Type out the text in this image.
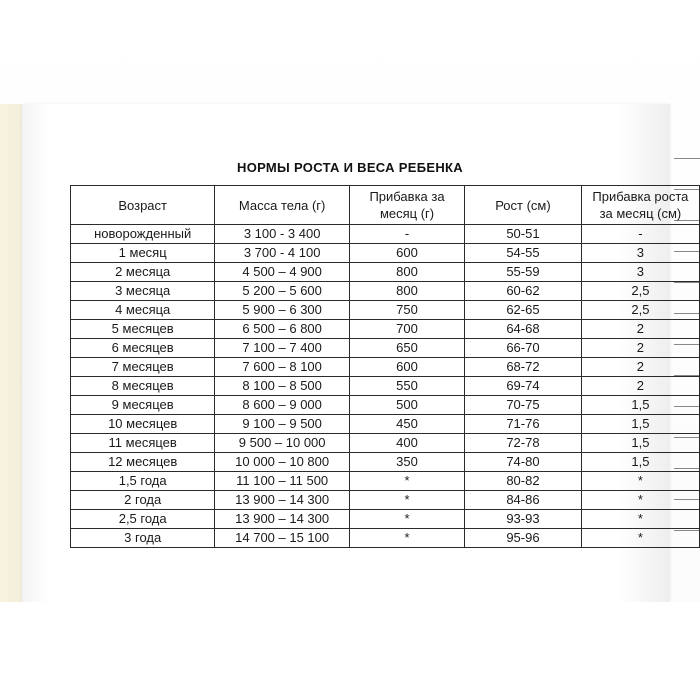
НОРМЫ РОСТА И ВЕСА РЕБЕНКА
Возраст	Масса тела (г)	Прибавка за месяц (г)	Рост (см)	Прибавка роста за месяц (см)
новорожденный	3 100 - 3 400	-	50-51	-
1 месяц	3 700 - 4 100	600	54-55	3
2 месяца	4 500 – 4 900	800	55-59	3
3 месяца	5 200 – 5 600	800	60-62	2,5
4 месяца	5 900 – 6 300	750	62-65	2,5
5 месяцев	6 500 – 6 800	700	64-68	2
6 месяцев	7 100 – 7 400	650	66-70	2
7 месяцев	7 600 – 8 100	600	68-72	2
8 месяцев	8 100 – 8 500	550	69-74	2
9 месяцев	8 600 – 9 000	500	70-75	1,5
10 месяцев	9 100 – 9 500	450	71-76	1,5
11 месяцев	9 500 – 10 000	400	72-78	1,5
12 месяцев	10 000 – 10 800	350	74-80	1,5
1,5 года	11 100 – 11 500	*	80-82	*
2 года	13 900 – 14 300	*	84-86	*
2,5 года	13 900 – 14 300	*	93-93	*
3 года	14 700 – 15 100	*	95-96	*
